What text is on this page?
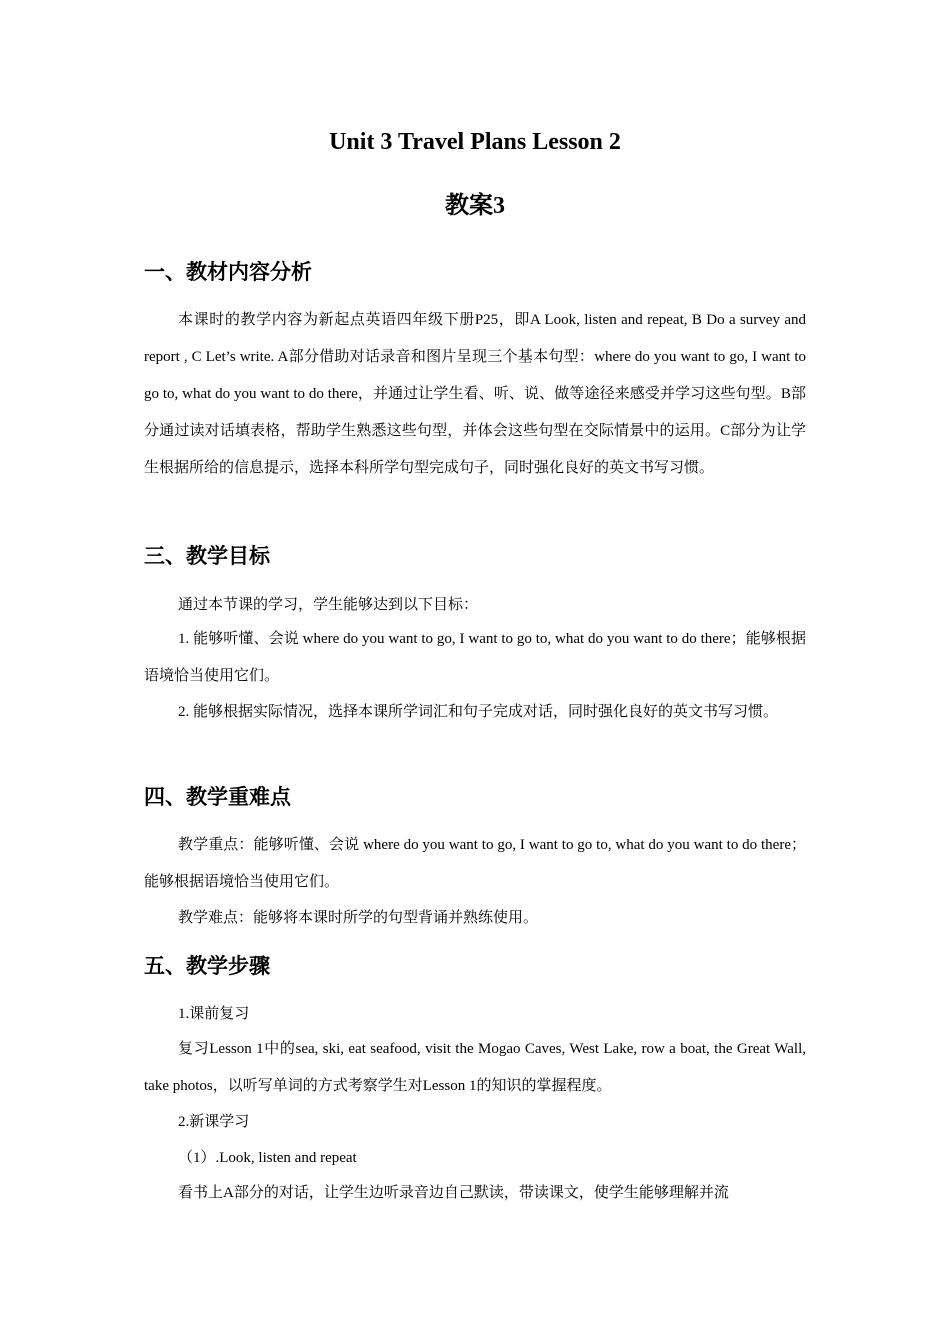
Unit 3 Travel Plans Lesson 2
教案3
一、教材内容分析

本课时的教学内容为新起点英语四年级下册P25，即A Look, listen and repeat, B Do a survey and report , C Let’s write. A部分借助对话录音和图片呈现三个基本句型：where do you want to go, I want to go to, what do you want to do there，并通过让学生看、听、说、做等途径来感受并学习这些句型。B部分通过读对话填表格，帮助学生熟悉这些句型，并体会这些句型在交际情景中的运用。C部分为让学生根据所给的信息提示，选择本科所学句型完成句子，同时强化良好的英文书写习惯。

三、教学目标

通过本节课的学习，学生能够达到以下目标：

1. 能够听懂、会说 where do you want to go, I want to go to, what do you want to do there；能够根据语境恰当使用它们。

2. 能够根据实际情况，选择本课所学词汇和句子完成对话，同时强化良好的英文书写习惯。

四、教学重难点

教学重点：能够听懂、会说 where do you want to go, I want to go to, what do you want to do there；能够根据语境恰当使用它们。

教学难点：能够将本课时所学的句型背诵并熟练使用。

五、教学步骤

1.课前复习

复习Lesson 1中的sea, ski, eat seafood, visit the Mogao Caves, West Lake, row a boat, the Great Wall, take photos，以听写单词的方式考察学生对Lesson 1的知识的掌握程度。

2.新课学习

（1）.Look, listen and repeat

看书上A部分的对话，让学生边听录音边自己默读，带读课文，使学生能够理解并流
